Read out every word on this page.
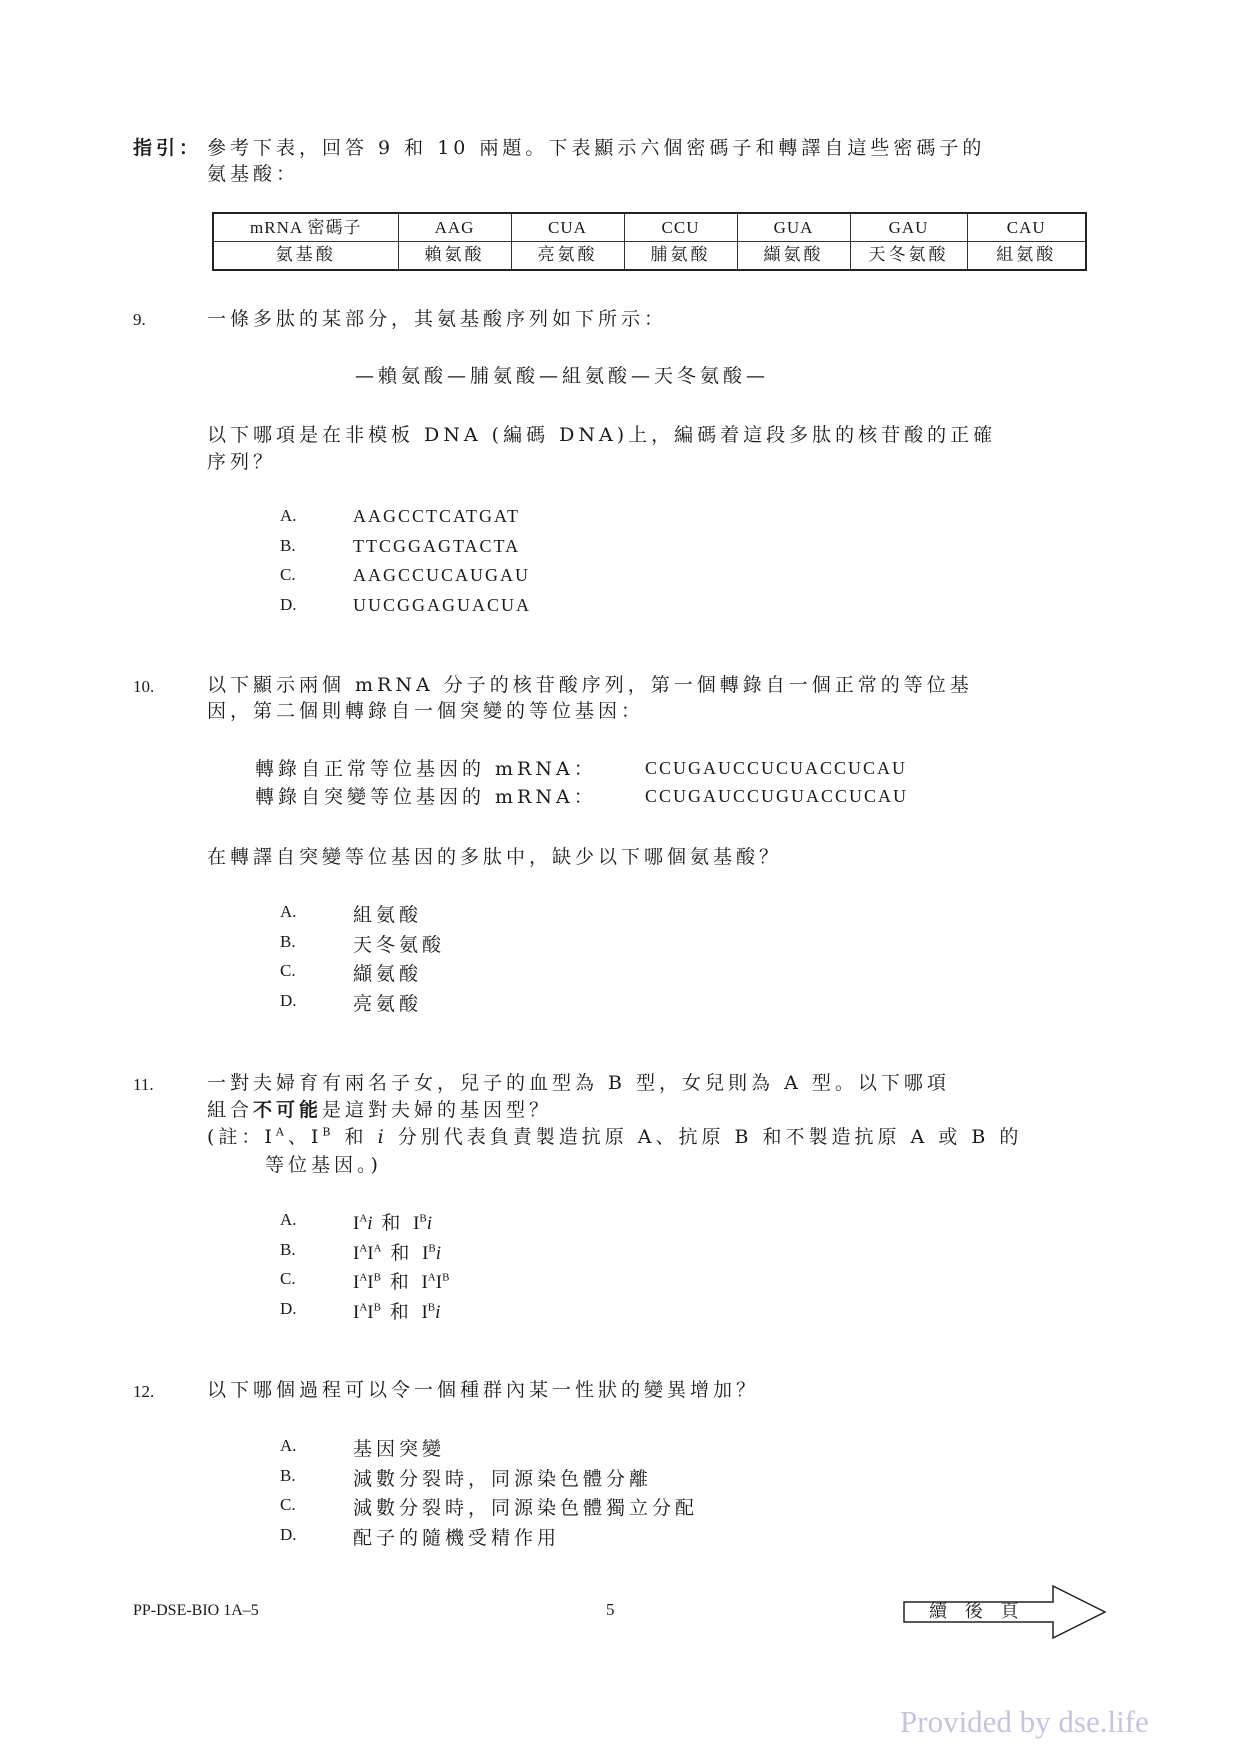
指引： 參考下表，回答 9 和 10 兩題。下表顯示六個密碼子和轉譯自這些密碼子的
氨基酸：
mRNA 密碼子	AAG	CUA	CCU	GUA	GAU	CAU
氨基酸	賴氨酸	亮氨酸	脯氨酸	纈氨酸	天冬氨酸	組氨酸
9.	一條多肽的某部分，其氨基酸序列如下所示：
—賴氨酸—脯氨酸—組氨酸—天冬氨酸—
以下哪項是在非模板 DNA (編碼 DNA)上，編碼着這段多肽的核苷酸的正確
序列？
A.	AAGCCTCATGAT
B.	TTCGGAGTACTA
C.	AAGCCUCAUGAU
D.	UUCGGAGUACUA
10.	以下顯示兩個 mRNA 分子的核苷酸序列，第一個轉錄自一個正常的等位基
因，第二個則轉錄自一個突變的等位基因：
轉錄自正常等位基因的 mRNA：	CCUGAUCCUCUACCUCAU
轉錄自突變等位基因的 mRNA：	CCUGAUCCUGUACCUCAU
在轉譯自突變等位基因的多肽中，缺少以下哪個氨基酸？
A.	組氨酸
B.	天冬氨酸
C.	纈氨酸
D.	亮氨酸
11.	一對夫婦育有兩名子女，兒子的血型為 B 型，女兒則為 A 型。以下哪項
組合不可能是這對夫婦的基因型？
(註：$I^A$、$I^B$ 和 i 分別代表負責製造抗原 A、抗原 B 和不製造抗原 A 或 B 的
等位基因。)
A.	$I^Ai$ 和 $I^Bi$
B.	$I^AI^A$ 和 $I^Bi$
C.	$I^AI^B$ 和 $I^AI^B$
D.	$I^AI^B$ 和 $I^Bi$
12.	以下哪個過程可以令一個種群內某一性狀的變異增加？
A.	基因突變
B.	減數分裂時，同源染色體分離
C.	減數分裂時，同源染色體獨立分配
D.	配子的隨機受精作用
PP-DSE-BIO 1A–5	5	續 後 頁
Provided by dse.life
